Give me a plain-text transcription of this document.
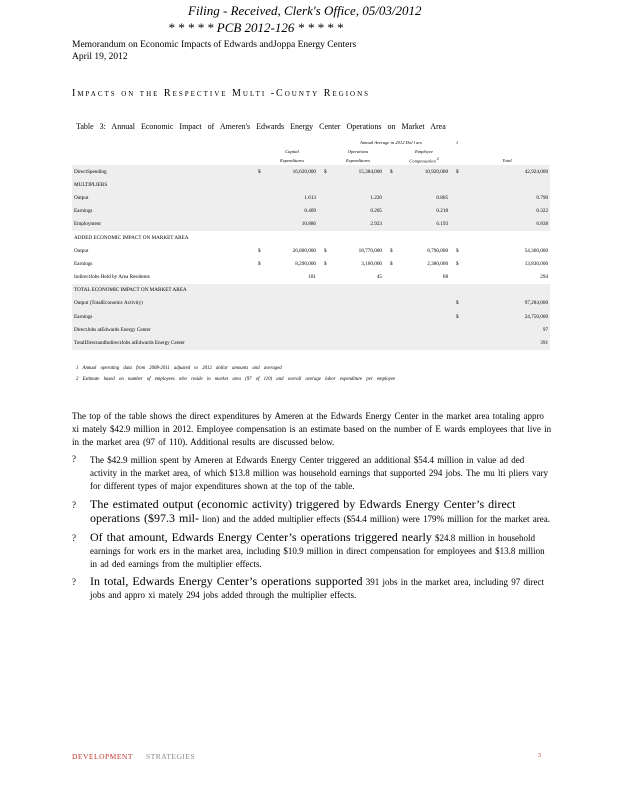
Filing - Received, Clerk's Office, 05/03/2012
* * * * * PCB 2012-126 * * * * *
Memorandum on Economic Impacts of Edwards andJoppa Energy Centers
April 19, 2012
Impacts on the Respective Multi -County Regions
Table 3: Annual Economic Impact of Ameren's Edwards Energy Center Operations on Market Area
				Annual Average in 2012 Dol l ars			1	
		Capital		Operations		Employee		
		Expenditures		Expenditures		Compensation $^2$		Total
DirectSpending	$	16,620,000	$	15,384,000	$	10,920,000	$	42,924,000
MULTIPLIERS								
Output		1.613		1.220		0.805		0.790
Earnings		0.409		0.205		0.218		0.322
Employment		10.886		2.923		6.193		6.838
ADDED ECONOMIC IMPACT ON MARKET AREA								
Output	$	26,800,000	$	18,770,000	$	8,790,000	$	54,360,000
Earnings	$	8,290,000	$	3,160,000	$	2,380,000	$	13,830,000
IndirectJobs Held by Area Residents		181		45		68		294
TOTAL ECONOMIC IMPACT ON MARKET AREA								
Output (TotalEconomic Activity)							$	97,284,000
Earnings							$	24,750,000
DirectJobs atEdwards Energy Center								97
TotalDirectandIndirectJobs atEdwards Energy Center								391
1 Annual operating data from 2008-2011 adjusted to 2012 dollar amounts and averaged
2 Estimate based on number of employees who reside in market area (97 of 110) and overall average labor expenditure per employee
The top of the table shows the direct expenditures by Ameren at the Edwards Energy Center in the market area totaling appro xi mately $42.9 million in 2012. Employee compensation is an estimate based on the number of E wards employees that live in in the market area (97 of 110). Additional results are discussed below.
? The $42.9 million spent by Ameren at Edwards Energy Center triggered an additional $54.4 million in value ad ded activity in the market area, of which $13.8 million was household earnings that supported 294 jobs. The mu lti pliers vary for different types of major expenditures shown at the top of the table.
? The estimated output (economic activity) triggered by Edwards Energy Center’s direct operations ($97.3 mil- lion) and the added multiplier effects ($54.4 million) were 179% million for the market area.
? Of that amount, Edwards Energy Center’s operations triggered nearly $24.8 million in household earnings for work ers in the market area, including $10.9 million in direct compensation for employees and $13.8 million in ad ded earnings from the multiplier effects.
? In total, Edwards Energy Center’s operations supported 391 jobs in the market area, including 97 direct jobs and appro xi mately 294 jobs added through the multiplier effects.
DEVELOPMENT STRATEGIES	3
